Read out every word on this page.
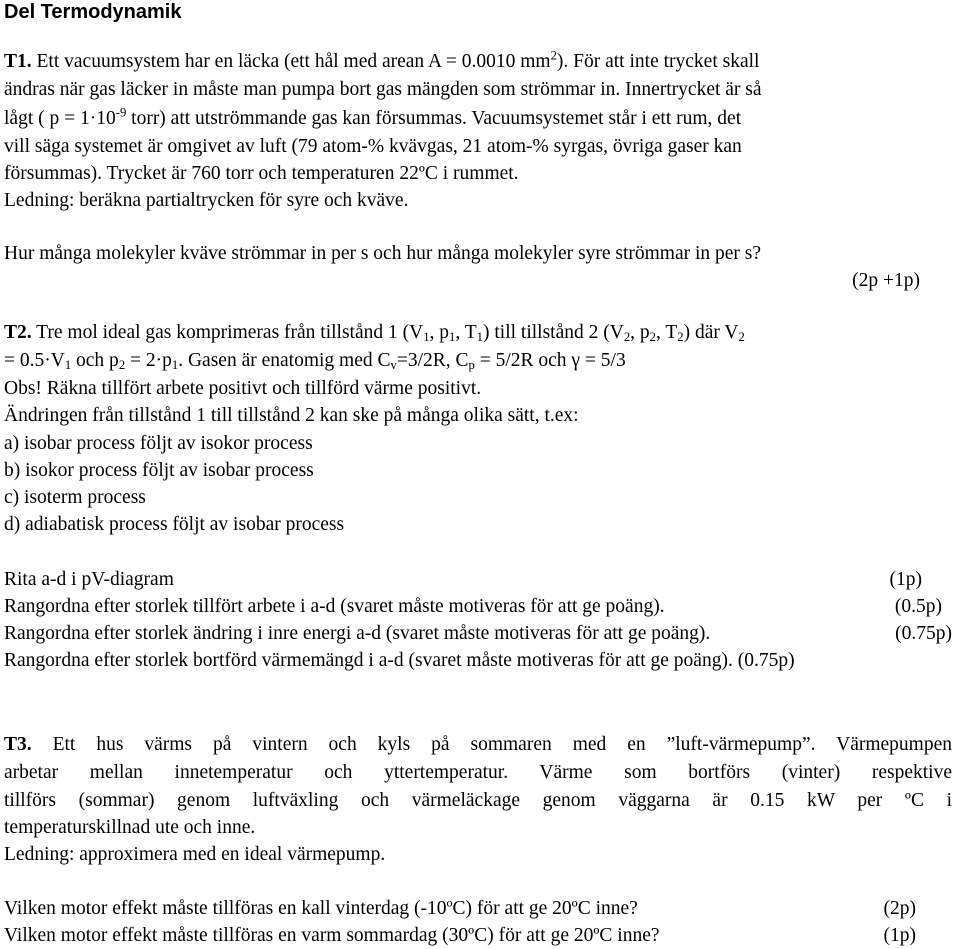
Del Termodynamik
T1. Ett vacuumsystem har en läcka (ett hål med arean A = 0.0010 $mm^2$). För att inte trycket skall
ändras när gas läcker in måste man pumpa bort gas mängden som strömmar in. Innertrycket är så
lågt ( $p = 1\cdot 10^{-9}$ torr) att utströmmande gas kan försummas. Vacuumsystemet står i ett rum, det
vill säga systemet är omgivet av luft (79 atom-% kvävgas, 21 atom-% syrgas, övriga gaser kan
försummas). Trycket är 760 torr och temperaturen 22ºC i rummet.
Ledning: beräkna partialtrycken för syre och kväve.
Hur många molekyler kväve strömmar in per s och hur många molekyler syre strömmar in per s?
(2p +1p)
T2. Tre mol ideal gas komprimeras från tillstånd 1 ($V_1$, $p_1$, $T_1$) till tillstånd 2 ($V_2$, $p_2$, $T_2$) där $V_2$
= $0.5\cdot V_1$ och $p_2 = 2\cdot p_1$. Gasen är enatomig med $C_v=3/2R$, $C_p = 5/2R$ och γ = 5/3
Obs! Räkna tillfört arbete positivt och tillförd värme positivt.
Ändringen från tillstånd 1 till tillstånd 2 kan ske på många olika sätt, t.ex:
a) isobar process följt av isokor process
b) isokor process följt av isobar process
c) isoterm process
d) adiabatisk process följt av isobar process
Rita a-d i pV-diagram	(1p)
Rangordna efter storlek tillfört arbete i a-d (svaret måste motiveras för att ge poäng).	(0.5p)
Rangordna efter storlek ändring i inre energi a-d (svaret måste motiveras för att ge poäng).	(0.75p)
Rangordna efter storlek bortförd värmemängd i a-d (svaret måste motiveras för att ge poäng). (0.75p)
T3. Ett hus värms på vintern och kyls på sommaren med en ”luft-värmepump”. Värmepumpen
arbetar mellan innetemperatur och yttertemperatur. Värme som bortförs (vinter) respektive
tillförs (sommar) genom luftväxling och värmeläckage genom väggarna är 0.15 kW per ºC i
temperaturskillnad ute och inne.
Ledning: approximera med en ideal värmepump.
Vilken motor effekt måste tillföras en kall vinterdag (-10ºC) för att ge 20ºC inne?	(2p)
Vilken motor effekt måste tillföras en varm sommardag (30ºC) för att ge 20ºC inne?	(1p)
